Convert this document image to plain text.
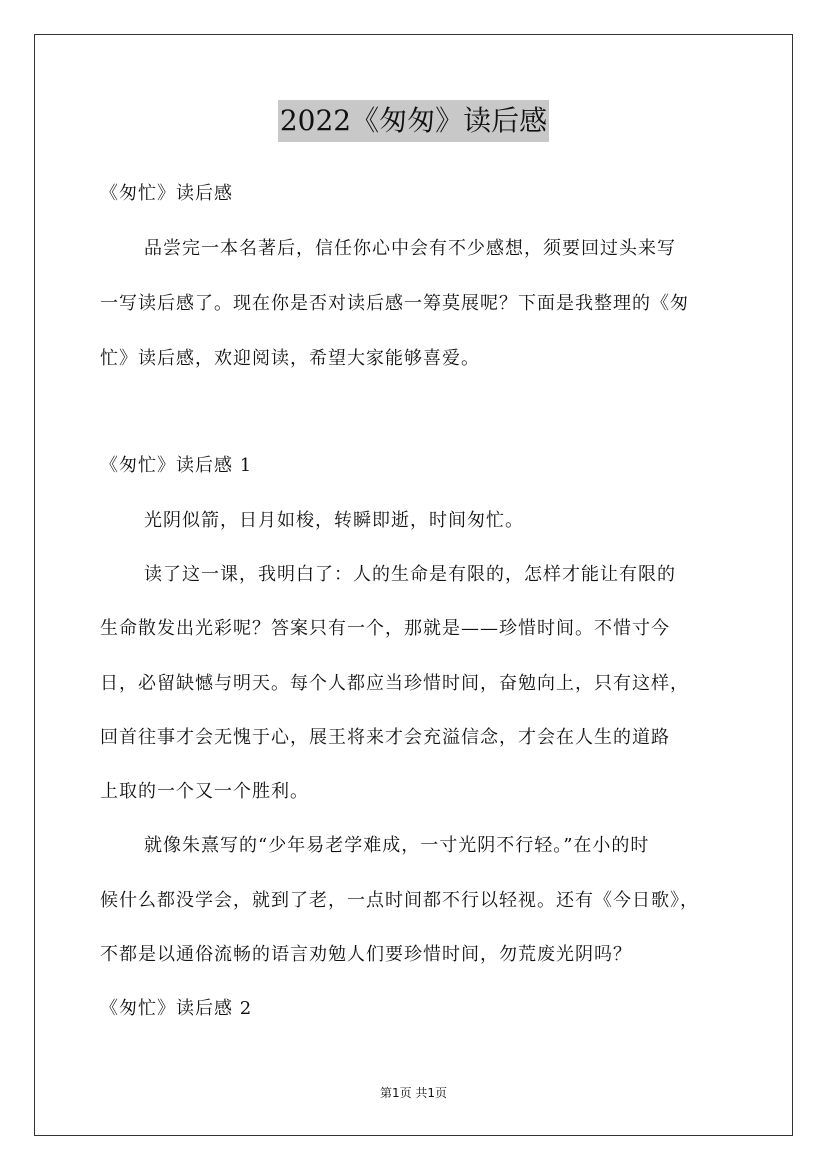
2022《匆匆》读后感
《匆忙》读后感
品尝完一本名著后，信任你心中会有不少感想，须要回过头来写
一写读后感了。现在你是否对读后感一筹莫展呢？下面是我整理的《匆
忙》读后感，欢迎阅读，希望大家能够喜爱。
《匆忙》读后感 1
光阴似箭，日月如梭，转瞬即逝，时间匆忙。
读了这一课，我明白了：人的生命是有限的，怎样才能让有限的
生命散发出光彩呢？答案只有一个，那就是——珍惜时间。不惜寸今
日，必留缺憾与明天。每个人都应当珍惜时间，奋勉向上，只有这样，
回首往事才会无愧于心，展王将来才会充溢信念，才会在人生的道路
上取的一个又一个胜利。
就像朱熹写的“少年易老学难成，一寸光阴不行轻。”在小的时
候什么都没学会，就到了老，一点时间都不行以轻视。还有《今日歌》，
不都是以通俗流畅的语言劝勉人们要珍惜时间，勿荒废光阴吗？
《匆忙》读后感 2
第1页 共1页
